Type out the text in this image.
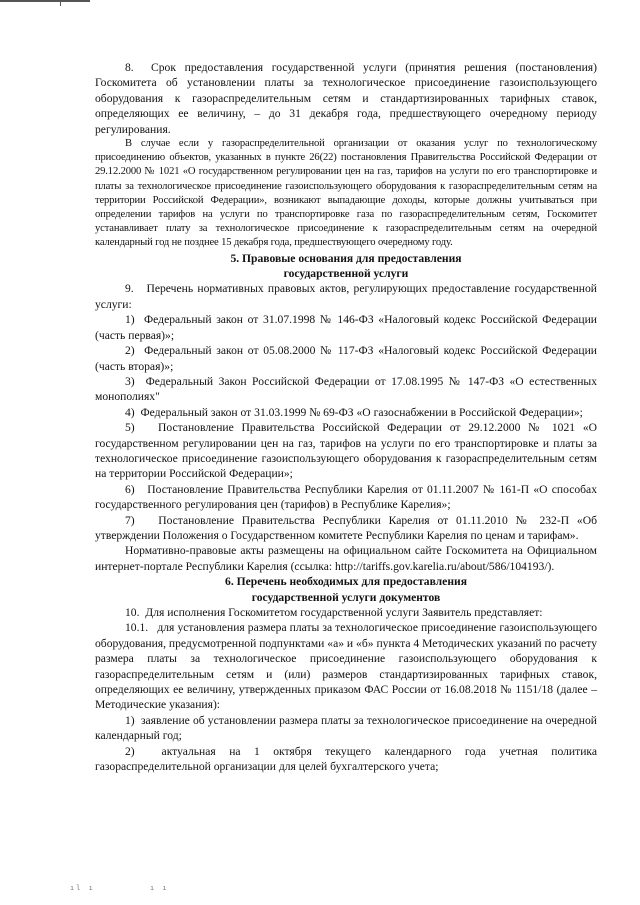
8.  Срок предоставления государственной услуги (принятия решения (постановления) Госкомитета об установлении платы за технологическое присоединение газоиспользующего оборудования к газораспределительным сетям и стандартизированных тарифных ставок, определяющих ее величину, – до 31 декабря года, предшествующего очередному периоду регулирования.

В случае если у газораспределительной организации от оказания услуг по технологическому присоединению объектов, указанных в пункте 26(22) постановления Правительства Российской Федерации от 29.12.2000 № 1021 «О государственном регулировании цен на газ, тарифов на услуги по его транспортировке и платы за технологическое присоединение газоиспользующего оборудования к газораспределительным сетям на территории Российской Федерации», возникают выпадающие доходы, которые должны учитываться при определении тарифов на услуги по транспортировке газа по газораспределительным сетям, Госкомитет устанавливает плату за технологическое присоединение к газораспределительным сетям на очередной календарный год не позднее 15 декабря года, предшествующего очередному году.

5. Правовые основания для предоставления

государственной услуги

9.   Перечень нормативных правовых актов, регулирующих предоставление государственной услуги:

1)  Федеральный закон от 31.07.1998 № 146-ФЗ «Налоговый кодекс Российской Федерации (часть первая)»;

2)  Федеральный закон от 05.08.2000 № 117-ФЗ «Налоговый кодекс Российской Федерации (часть вторая)»;

3)  Федеральный Закон Российской Федерации от 17.08.1995 № 147-ФЗ «О естественных монополиях"

4)  Федеральный закон от 31.03.1999 № 69-ФЗ «О газоснабжении в Российской Федерации»;

5)   Постановление Правительства Российской Федерации от 29.12.2000 № 1021 «О государственном регулировании цен на газ, тарифов на услуги по его транспортировке и платы за технологическое присоединение газоиспользующего оборудования к газораспределительным сетям на территории Российской Федерации»;

6)   Постановление Правительства Республики Карелия от 01.11.2007 № 161-П «О способах государственного регулирования цен (тарифов) в Республике Карелия»;

7)   Постановление Правительства Республики Карелия от 01.11.2010 № 232-П «Об утверждении Положения о Государственном комитете Республики Карелия по ценам и тарифам».

Нормативно-правовые акты размещены на официальном сайте Госкомитета на Официальном интернет-портале Республики Карелия (ссылка: http://tariffs.gov.karelia.ru/about/586/104193/).

6. Перечень необходимых для предоставления

государственной услуги документов

10.  Для исполнения Госкомитетом государственной услуги Заявитель представляет:

10.1.   для установления размера платы за технологическое присоединение газоиспользующего оборудования, предусмотренной подпунктами «а» и «б» пункта 4 Методических указаний по расчету размера платы за технологическое присоединение газоиспользующего оборудования к газораспределительным сетям и (или) размеров стандартизированных тарифных ставок, определяющих ее величину, утвержденных приказом ФАС России от 16.08.2018 № 1151/18 (далее – Методические указания):

1)  заявление об установлении размера платы за технологическое присоединение на очередной календарный год;

2)  актуальная на 1 октября текущего календарного года учетная политика газораспределительной организации для целей бухгалтерского учета;

ıl ı	ı ı
